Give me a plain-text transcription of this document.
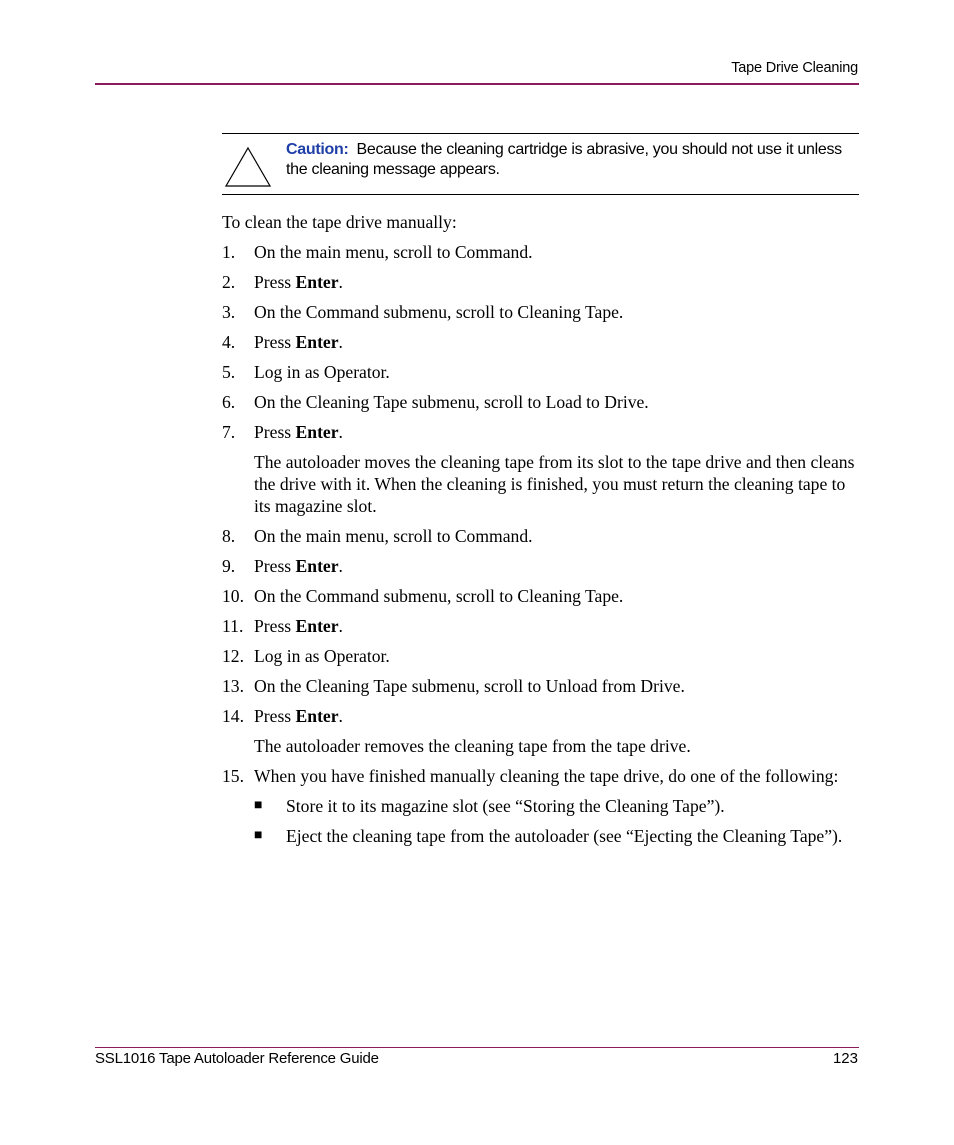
Tape Drive Cleaning
Caution: Because the cleaning cartridge is abrasive, you should not use it unless the cleaning message appears.
To clean the tape drive manually:
1. On the main menu, scroll to Command.
2. Press Enter.
3. On the Command submenu, scroll to Cleaning Tape.
4. Press Enter.
5. Log in as Operator.
6. On the Cleaning Tape submenu, scroll to Load to Drive.
7. Press Enter.
The autoloader moves the cleaning tape from its slot to the tape drive and then cleans the drive with it. When the cleaning is finished, you must return the cleaning tape to its magazine slot.
8. On the main menu, scroll to Command.
9. Press Enter.
10. On the Command submenu, scroll to Cleaning Tape.
11. Press Enter.
12. Log in as Operator.
13. On the Cleaning Tape submenu, scroll to Unload from Drive.
14. Press Enter.
The autoloader removes the cleaning tape from the tape drive.
15. When you have finished manually cleaning the tape drive, do one of the following:
■ Store it to its magazine slot (see “Storing the Cleaning Tape”).
■ Eject the cleaning tape from the autoloader (see “Ejecting the Cleaning Tape”).
SSL1016 Tape Autoloader Reference Guide	123
